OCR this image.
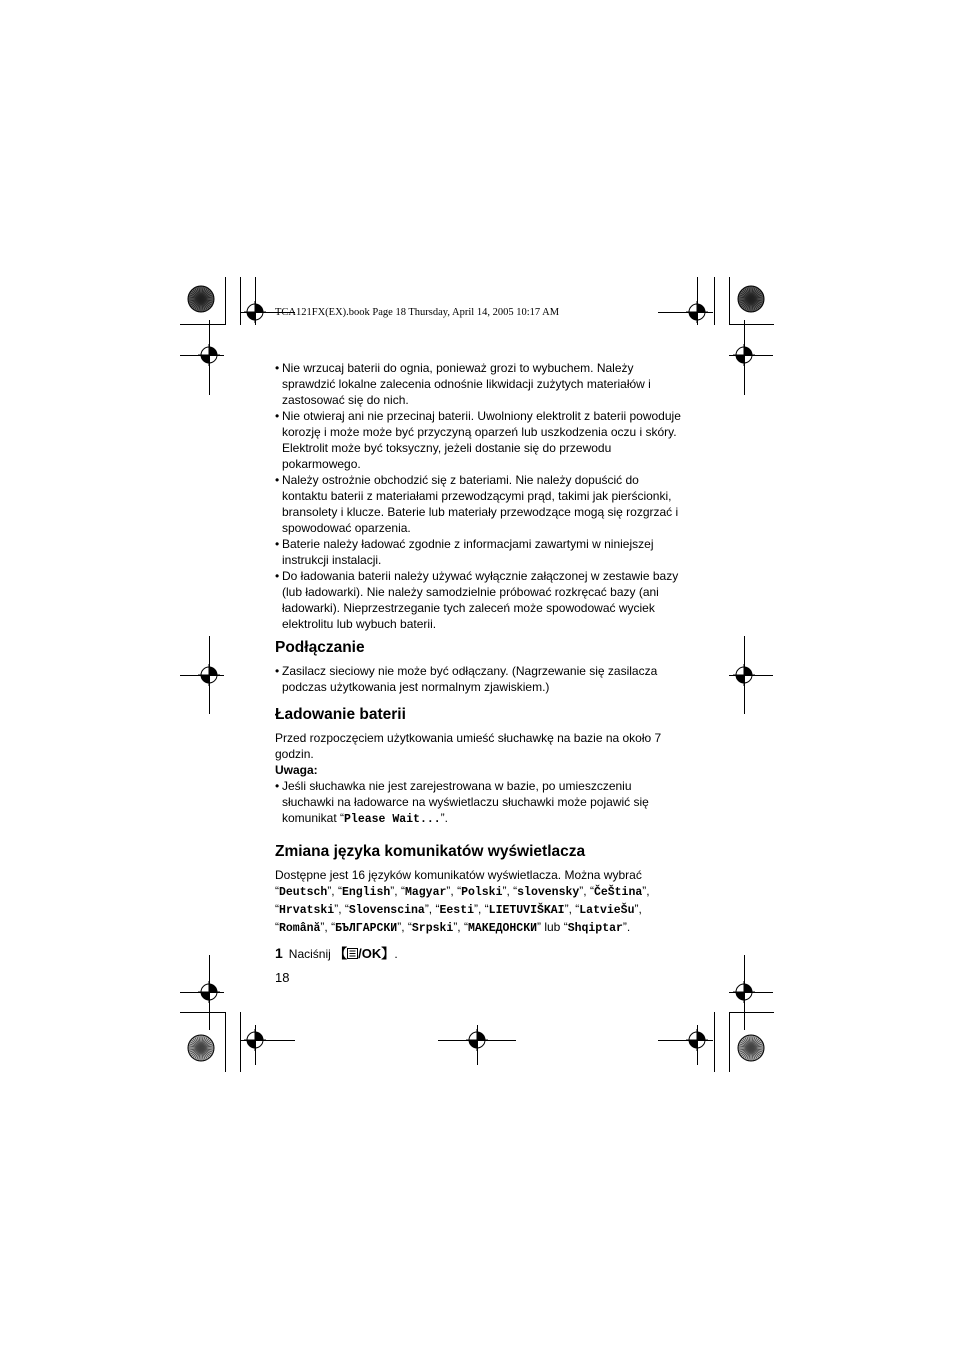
TCA121FX(EX).book Page 18 Thursday, April 14, 2005 10:17 AM
• Nie wrzucaj baterii do ognia, ponieważ grozi to wybuchem. Należy sprawdzić lokalne zalecenia odnośnie likwidacji zużytych materiałów i zastosować się do nich.
• Nie otwieraj ani nie przecinaj baterii. Uwolniony elektrolit z baterii powoduje korozję i może może być przyczyną oparzeń lub uszkodzenia oczu i skóry. Elektrolit może być toksyczny, jeżeli dostanie się do przewodu pokarmowego.
• Należy ostrożnie obchodzić się z bateriami. Nie należy dopuścić do kontaktu baterii z materiałami przewodzącymi prąd, takimi jak pierścionki, bransolety i klucze. Baterie lub materiały przewodzące mogą się rozgrzać i spowodować oparzenia.
• Baterie należy ładować zgodnie z informacjami zawartymi w niniejszej instrukcji instalacji.
• Do ładowania baterii należy używać wyłącznie załączonej w zestawie bazy (lub ładowarki). Nie należy samodzielnie próbować rozkręcać bazy (ani ładowarki). Nieprzestrzeganie tych zaleceń może spowodować wyciek elektrolitu lub wybuch baterii.
Podłączanie
• Zasilacz sieciowy nie może być odłączany. (Nagrzewanie się zasilacza podczas użytkowania jest normalnym zjawiskiem.)
Ładowanie baterii

Przed rozpoczęciem użytkowania umieść słuchawkę na bazie na około 7 godzin.

Uwaga:

• Jeśli słuchawka nie jest zarejestrowana w bazie, po umieszczeniu słuchawki na ładowarce na wyświetlaczu słuchawki może pojawić się komunikat “Please Wait...”.
Zmiana języka komunikatów wyświetlacza

Dostępne jest 16 języków komunikatów wyświetlacza. Można wybrać
“Deutsch”, “English”, “Magyar”, “Polski”, “slovensky”, “ČeŠtina”, “Hrvatski”, “Slovenscina”, “Eesti”, “LIETUVIŠKAI”, “LatvieŠu”, “Română”, “БЪЛГАРСКИ”, “Srpski”, “МАКЕДОНСКИ” lub “Shqiptar”.

1 Naciśnij 【 /OK】.

18
